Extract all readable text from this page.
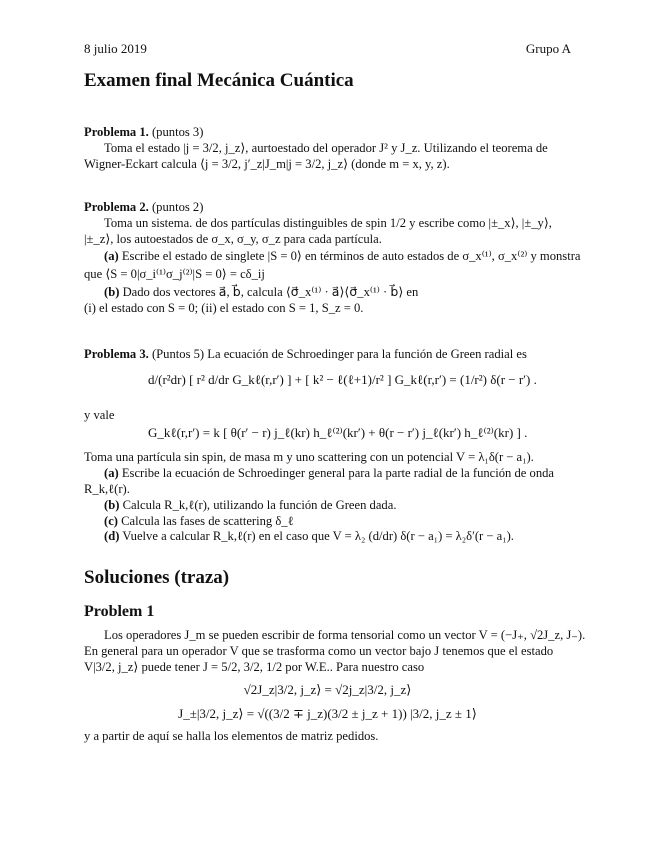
8 julio 2019	Grupo A
Examen final Mecánica Cuántica
Problema 1. (puntos 3)
Toma el estado |j = 3/2, j_z⟩, aurtoestado del operador J² y J_z. Utilizando el teorema de
Wigner-Eckart calcula ⟨j = 3/2, j′_z|J_m|j = 3/2, j_z⟩ (donde m = x, y, z).
Problema 2. (puntos 2)
Toma un sistema. de dos partículas distinguibles de spin 1/2 y escribe como |±_x⟩, |±_y⟩,
|±_z⟩, los autoestados de σ_x, σ_y, σ_z para cada partícula.
(a) Escribe el estado de singlete |S = 0⟩ en términos de auto estados de σ_x⁽¹⁾, σ_x⁽²⁾ y monstra
que ⟨S = 0|σ_i⁽¹⁾σ_j⁽²⁾|S = 0⟩ = cδ_ij
(b) Dado dos vectores a⃗, b⃗, calcula ⟨σ⃗_x⁽¹⁾ · a⃗⟩⟨σ⃗_x⁽¹⁾ · b⃗⟩ en
(i) el estado con S = 0; (ii) el estado con S = 1, S_z = 0.
Problema 3. (Puntos 5) La ecuación de Schroedinger para la función de Green radial es
d/(r²dr) [ r² d/dr G_kℓ(r,r′) ] + [ k² − ℓ(ℓ+1)/r² ] G_kℓ(r,r′) = (1/r²) δ(r − r′) .
y vale
G_kℓ(r,r′) = k [ θ(r′ − r) j_ℓ(kr) h_ℓ⁽²⁾(kr′) + θ(r − r′) j_ℓ(kr′) h_ℓ⁽²⁾(kr) ] .
Toma una partícula sin spin, de masa m y uno scattering con un potencial V = λ₁δ(r − a₁).
(a) Escribe la ecuación de Schroedinger general para la parte radial de la función de onda
R_k,ℓ(r).
(b) Calcula R_k,ℓ(r), utilizando la función de Green dada.
(c) Calcula las fases de scattering δ_ℓ
(d) Vuelve a calcular R_k,ℓ(r) en el caso que V = λ₂ (d/dr) δ(r − a₁) = λ₂δ′(r − a₁).
Soluciones (traza)
Problem 1
Los operadores J_m se pueden escribir de forma tensorial como un vector V = (−J₊, √2J_z, J₋).
En general para un operador V que se trasforma como un vector bajo J tenemos que el estado
V|3/2, j_z⟩ puede tener J = 5/2, 3/2, 1/2 por W.E.. Para nuestro caso
√2J_z|3/2, j_z⟩ = √2j_z|3/2, j_z⟩
J_±|3/2, j_z⟩ = √((3/2 ∓ j_z)(3/2 ± j_z + 1)) |3/2, j_z ± 1⟩
y a partir de aquí se halla los elementos de matriz pedidos.
